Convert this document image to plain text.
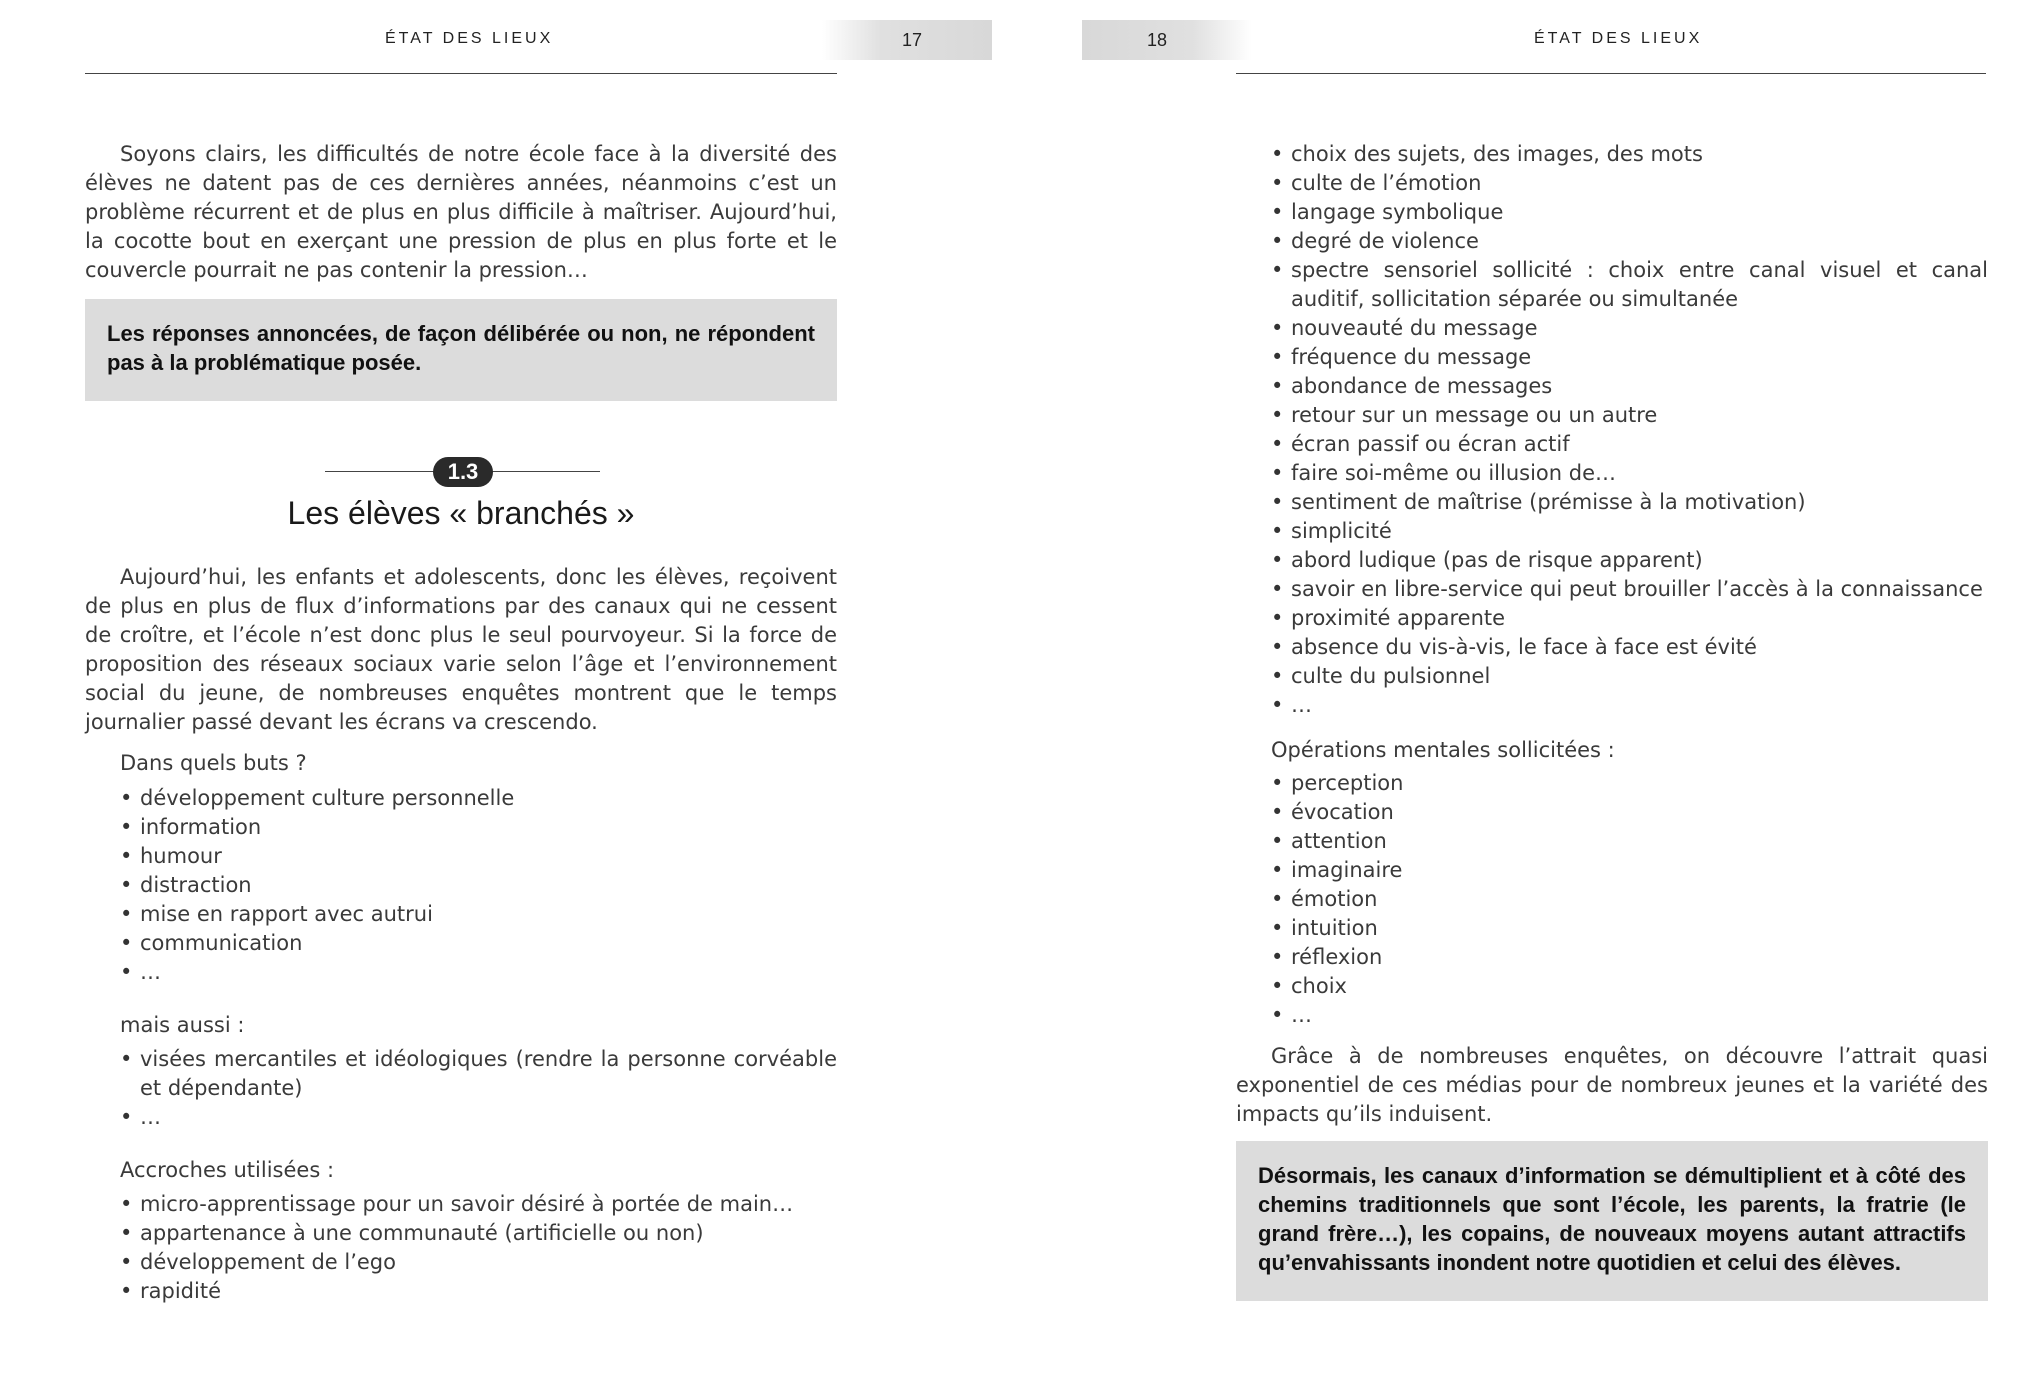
17	18
ÉTAT DES LIEUX

Soyons clairs, les difficultés de notre école face à la diversité des élèves ne datent pas de ces dernières années, néanmoins c’est un problème récurrent et de plus en plus difficile à maîtriser. Aujourd’hui, la cocotte bout en exerçant une pression de plus en plus forte et le couvercle pourrait ne pas contenir la pression…

Les réponses annoncées, de façon délibérée ou non, ne répondent pas à la problématique posée.
1.3
Les élèves « branchés »

Aujourd’hui, les enfants et adolescents, donc les élèves, reçoivent de plus en plus de flux d’informations par des canaux qui ne cessent de croître, et l’école n’est donc plus le seul pourvoyeur. Si la force de proposition des réseaux sociaux varie selon l’âge et l’environnement social du jeune, de nombreuses enquêtes montrent que le temps journalier passé devant les écrans va crescendo.

Dans quels buts ?

• développement culture personnelle
• information
• humour
• distraction
• mise en rapport avec autrui
• communication
• …

mais aussi :

• visées mercantiles et idéologiques (rendre la personne corvéable et dépendante)
• …

Accroches utilisées :

• micro-apprentissage pour un savoir désiré à portée de main…
• appartenance à une communauté (artificielle ou non)
• développement de l’ego
• rapidité
ÉTAT DES LIEUX
• choix des sujets, des images, des mots
• culte de l’émotion
• langage symbolique
• degré de violence
• spectre sensoriel sollicité : choix entre canal visuel et canal auditif, sollicitation séparée ou simultanée
• nouveauté du message
• fréquence du message
• abondance de messages
• retour sur un message ou un autre
• écran passif ou écran actif
• faire soi-même ou illusion de…
• sentiment de maîtrise (prémisse à la motivation)
• simplicité
• abord ludique (pas de risque apparent)
• savoir en libre-service qui peut brouiller l’accès à la connaissance
• proximité apparente
• absence du vis-à-vis, le face à face est évité
• culte du pulsionnel
• …

Opérations mentales sollicitées :

• perception
• évocation
• attention
• imaginaire
• émotion
• intuition
• réflexion
• choix
• …

Grâce à de nombreuses enquêtes, on découvre l’attrait quasi exponentiel de ces médias pour de nombreux jeunes et la variété des impacts qu’ils induisent.

Désormais, les canaux d’information se démultiplient et à côté des chemins traditionnels que sont l’école, les parents, la fratrie (le grand frère…), les copains, de nouveaux moyens autant attractifs qu’envahissants inondent notre quotidien et celui des élèves.
